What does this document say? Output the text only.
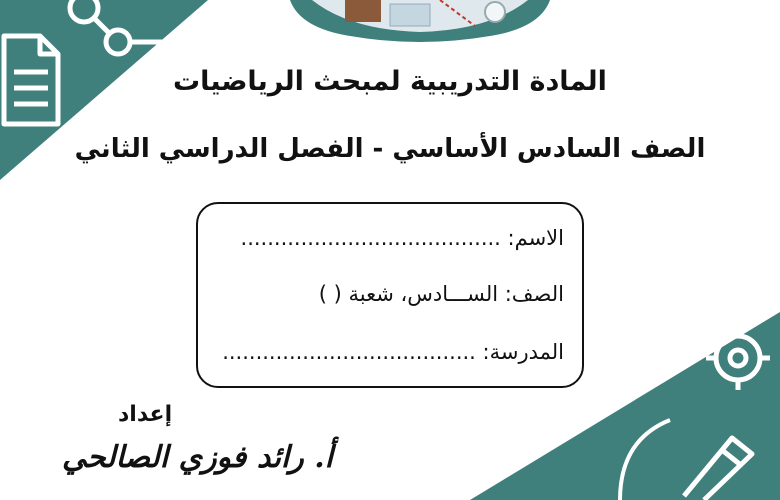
المادة التدريبية لمبحث الرياضيات
الصف السادس الأساسي - الفصل الدراسي الثاني
الاسم: .......................................
الصف: الســـادس، شعبة ( )
المدرسة: ......................................
إعداد
أ. رائد فوزي الصالحي
